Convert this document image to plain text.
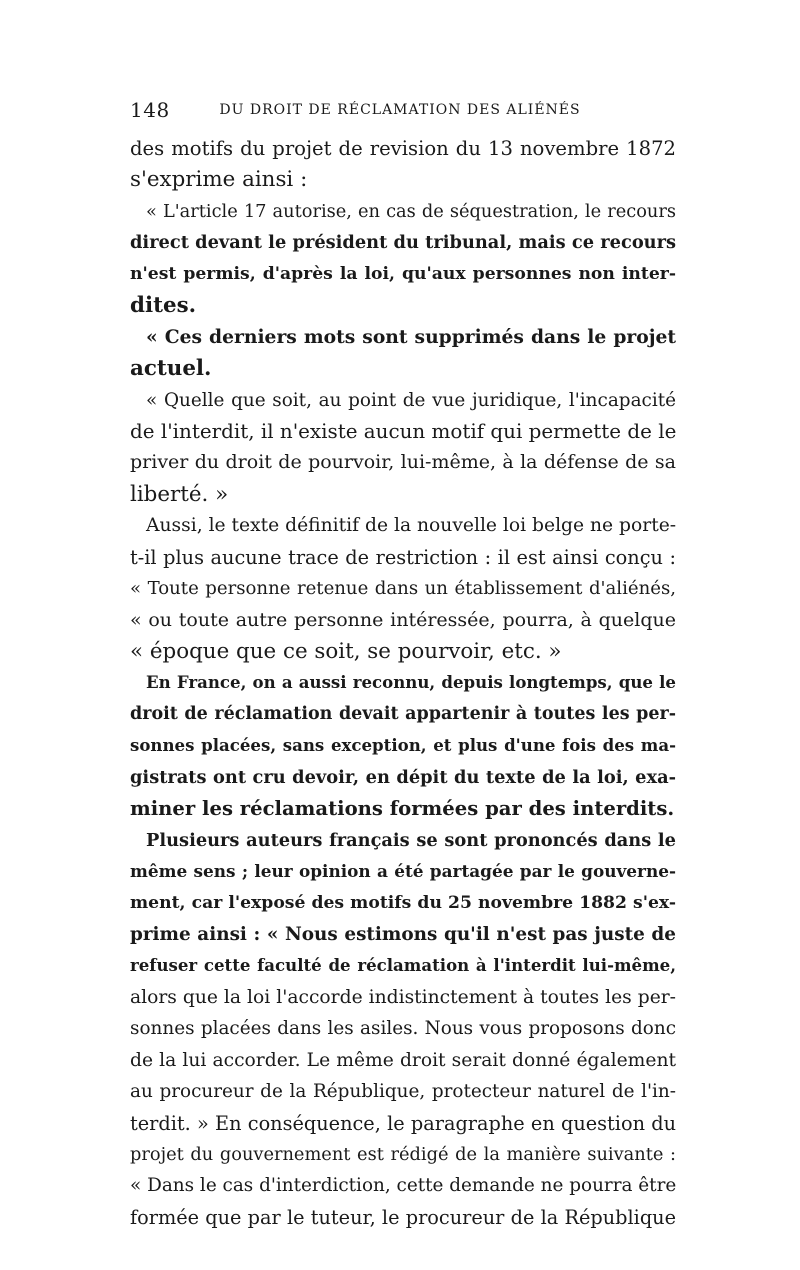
148	DU DROIT DE RÉCLAMATION DES ALIÉNÉS
des motifs du projet de revision du 13 novembre 1872
s'exprime ainsi :
« L'article 17 autorise, en cas de séquestration, le recours
direct devant le président du tribunal, mais ce recours
n'est permis, d'après la loi, qu'aux personnes non inter-
dites.
« Ces derniers mots sont supprimés dans le projet
actuel.
« Quelle que soit, au point de vue juridique, l'incapacité
de l'interdit, il n'existe aucun motif qui permette de le
priver du droit de pourvoir, lui-même, à la défense de sa
liberté. »
Aussi, le texte définitif de la nouvelle loi belge ne porte-
t-il plus aucune trace de restriction : il est ainsi conçu :
« Toute personne retenue dans un établissement d'aliénés,
« ou toute autre personne intéressée, pourra, à quelque
« époque que ce soit, se pourvoir, etc. »
En France, on a aussi reconnu, depuis longtemps, que le
droit de réclamation devait appartenir à toutes les per-
sonnes placées, sans exception, et plus d'une fois des ma-
gistrats ont cru devoir, en dépit du texte de la loi, exa-
miner les réclamations formées par des interdits.
Plusieurs auteurs français se sont prononcés dans le
même sens ; leur opinion a été partagée par le gouverne-
ment, car l'exposé des motifs du 25 novembre 1882 s'ex-
prime ainsi : « Nous estimons qu'il n'est pas juste de
refuser cette faculté de réclamation à l'interdit lui-même,
alors que la loi l'accorde indistinctement à toutes les per-
sonnes placées dans les asiles. Nous vous proposons donc
de la lui accorder. Le même droit serait donné également
au procureur de la République, protecteur naturel de l'in-
terdit. » En conséquence, le paragraphe en question du
projet du gouvernement est rédigé de la manière suivante :
« Dans le cas d'interdiction, cette demande ne pourra être
formée que par le tuteur, le procureur de la République
